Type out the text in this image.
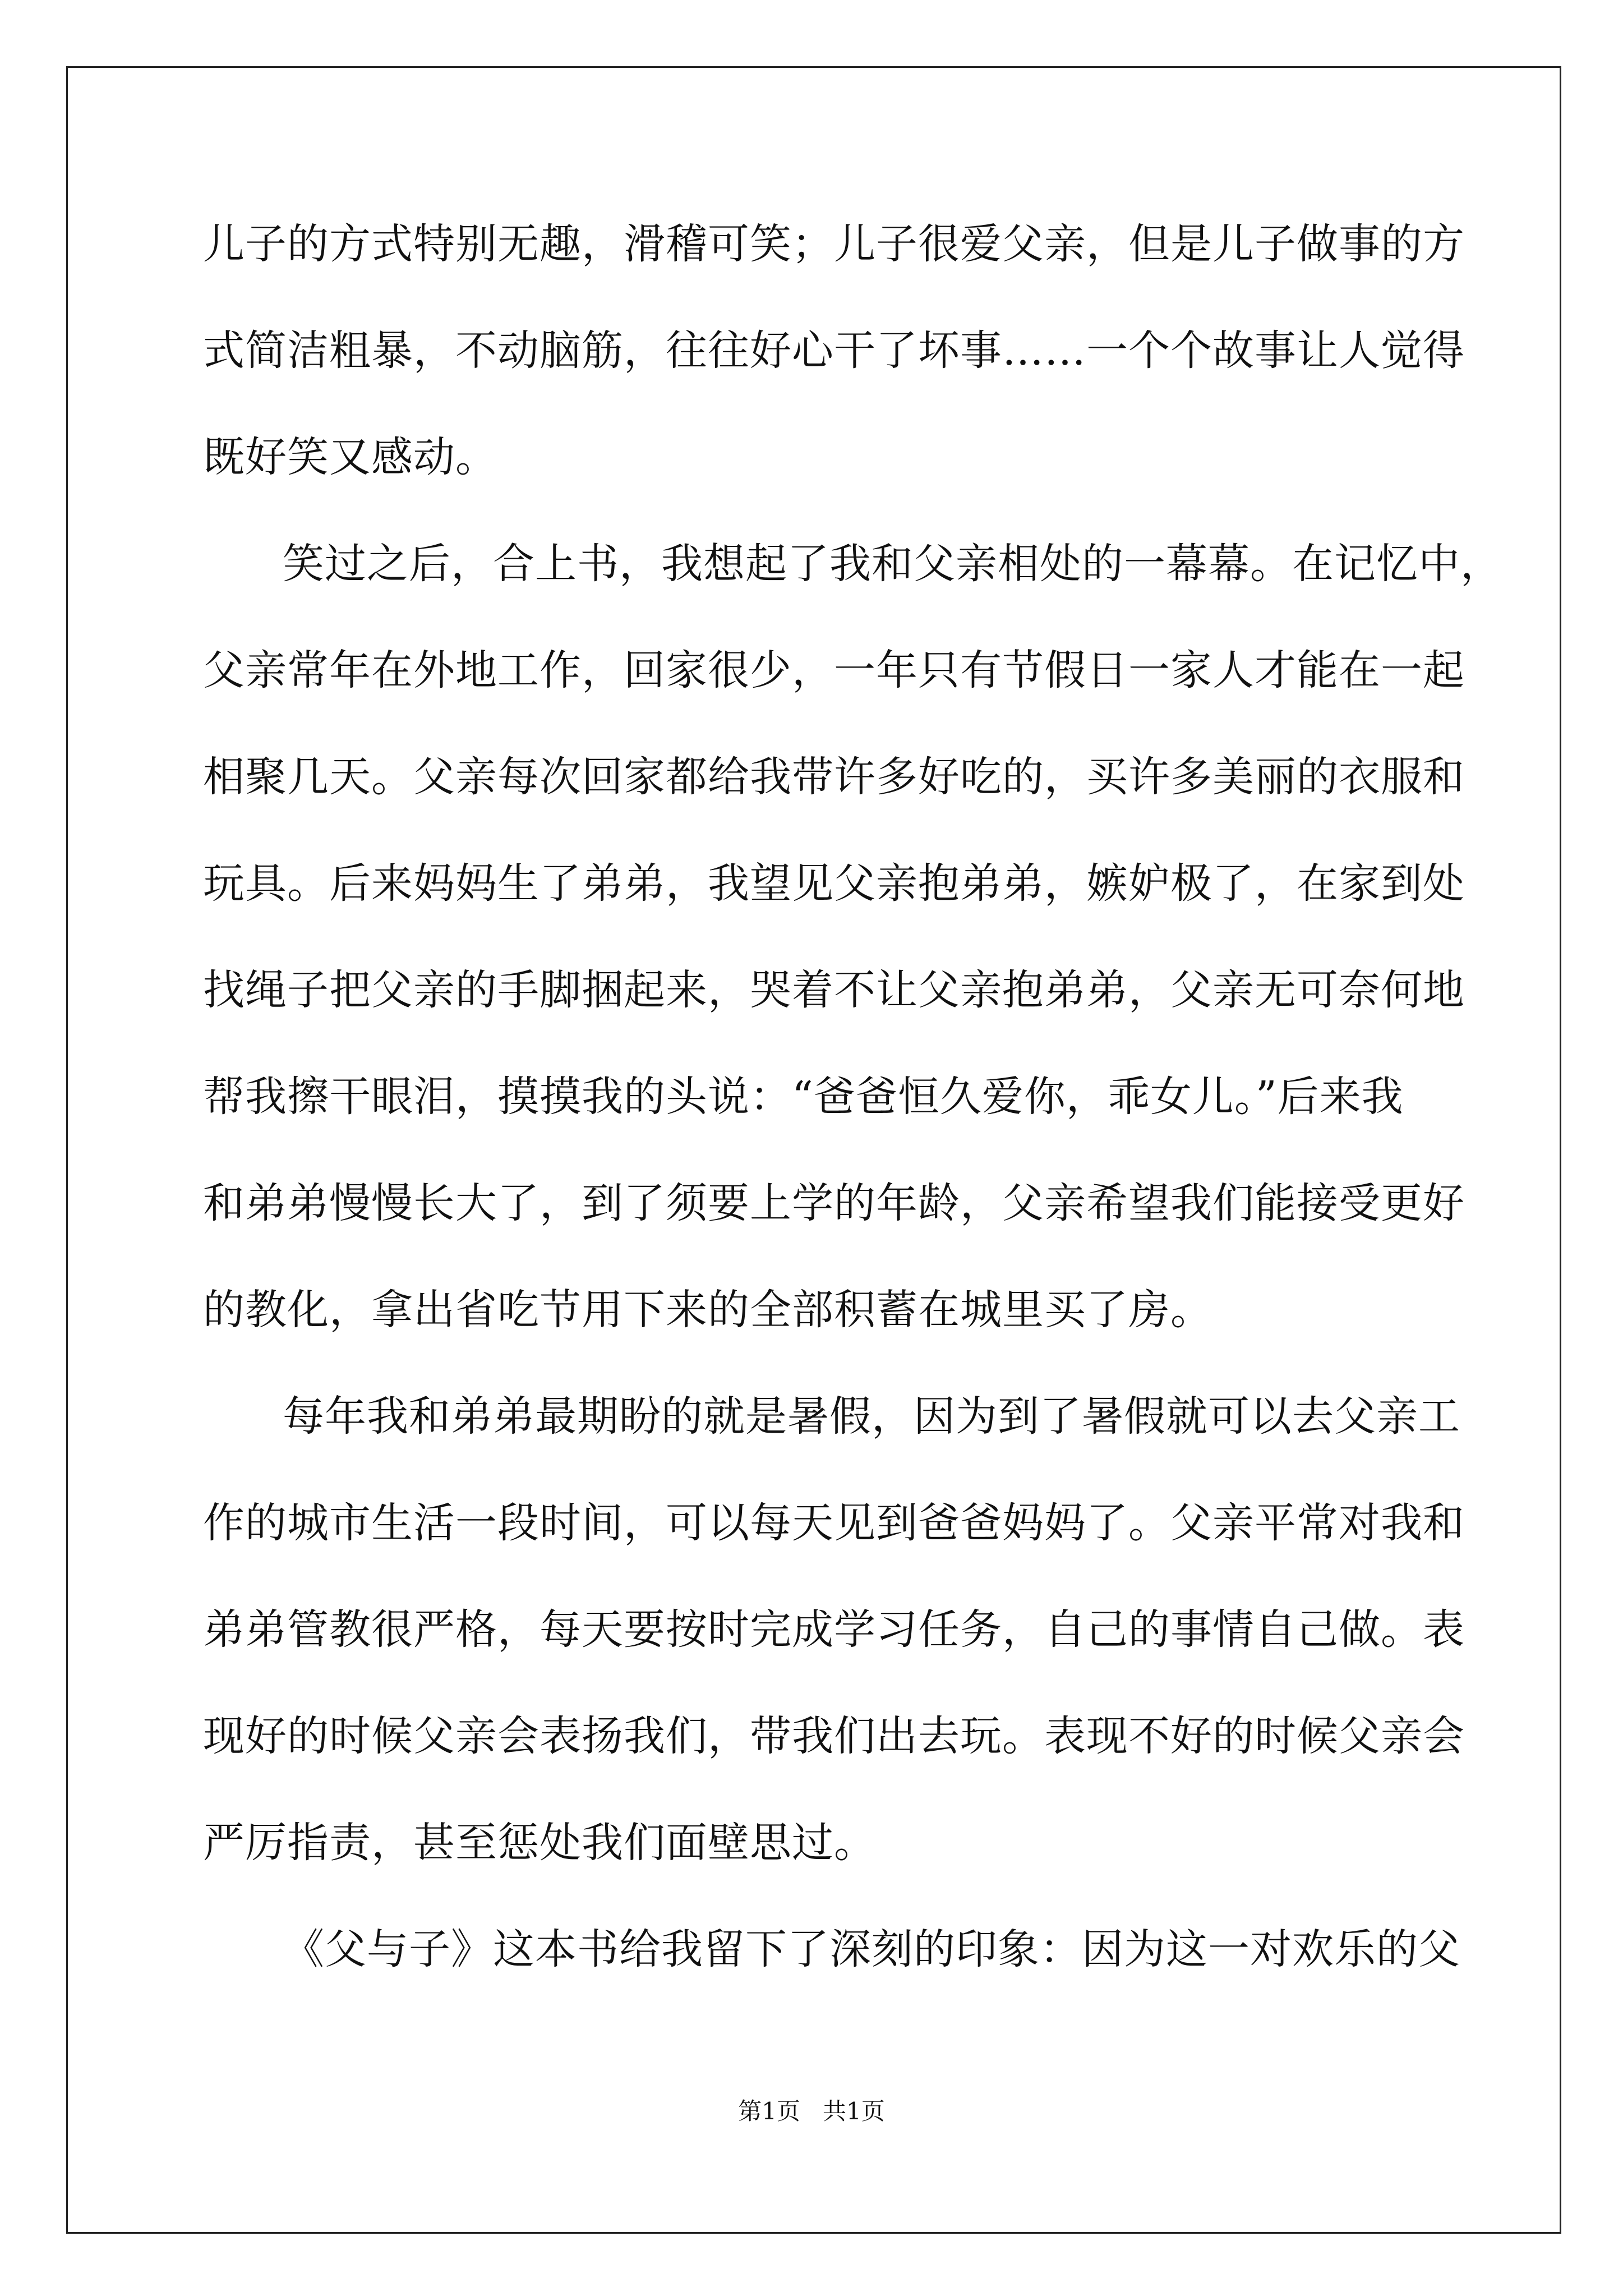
儿子的方式特别无趣，滑稽可笑；儿子很爱父亲，但是儿子做事的方
式简洁粗暴，不动脑筋，往往好心干了坏事……一个个故事让人觉得
既好笑又感动。
笑过之后，合上书，我想起了我和父亲相处的一幕幕。在记忆中，
父亲常年在外地工作，回家很少，一年只有节假日一家人才能在一起
相聚几天。父亲每次回家都给我带许多好吃的，买许多美丽的衣服和
玩具。后来妈妈生了弟弟，我望见父亲抱弟弟，嫉妒极了，在家到处
找绳子把父亲的手脚捆起来，哭着不让父亲抱弟弟，父亲无可奈何地
帮我擦干眼泪，摸摸我的头说：“爸爸恒久爱你，乖女儿。”后来我
和弟弟慢慢长大了，到了须要上学的年龄，父亲希望我们能接受更好
的教化，拿出省吃节用下来的全部积蓄在城里买了房。
每年我和弟弟最期盼的就是暑假，因为到了暑假就可以去父亲工
作的城市生活一段时间，可以每天见到爸爸妈妈了。父亲平常对我和
弟弟管教很严格，每天要按时完成学习任务，自己的事情自己做。表
现好的时候父亲会表扬我们，带我们出去玩。表现不好的时候父亲会
严厉指责，甚至惩处我们面壁思过。
《父与子》这本书给我留下了深刻的印象：因为这一对欢乐的父
第1页   共1页
